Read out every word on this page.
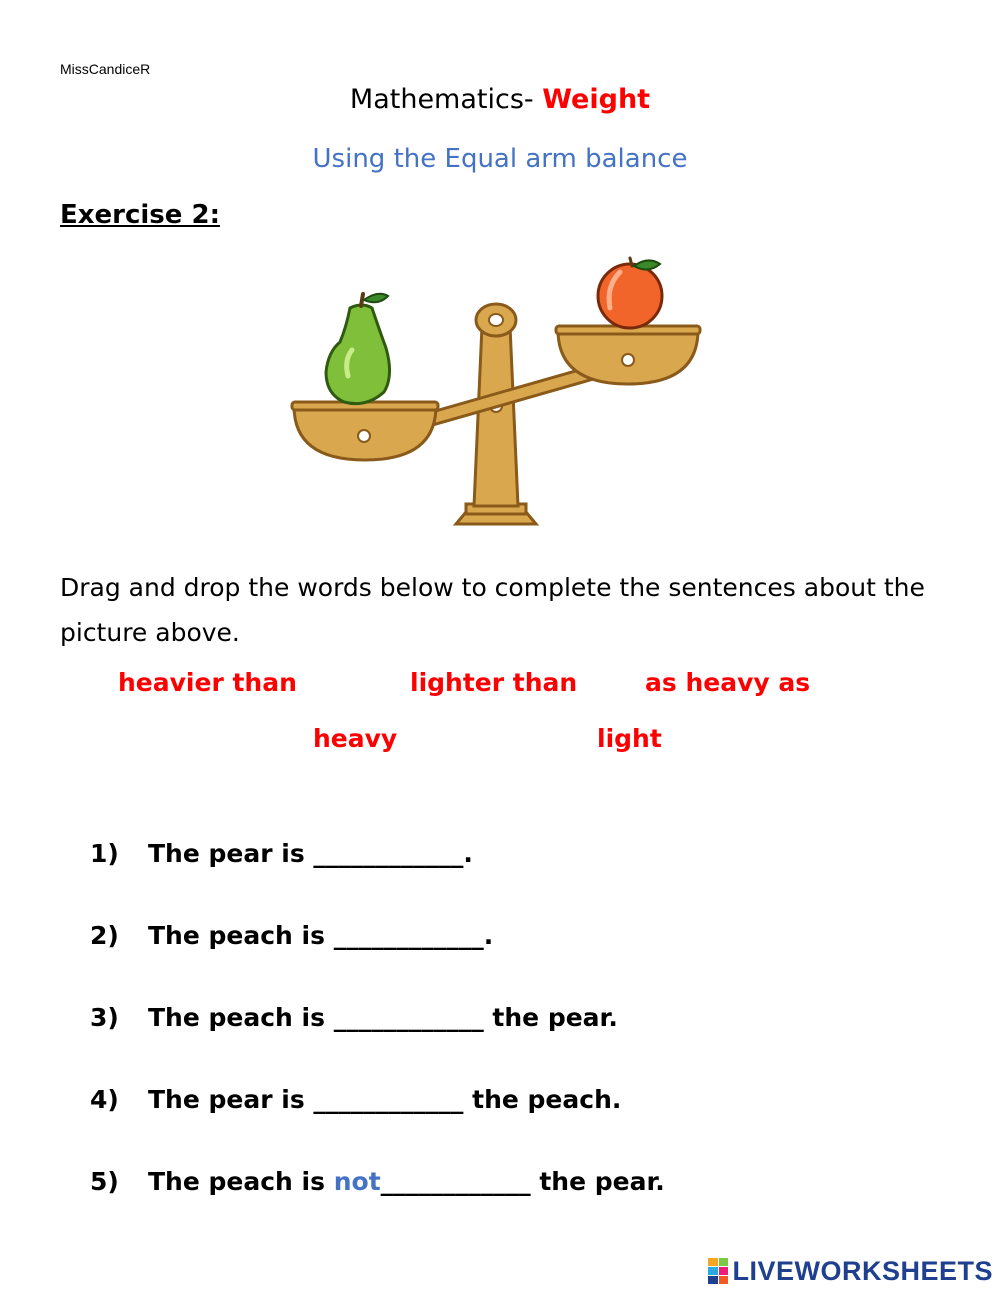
MissCandiceR
Mathematics- Weight
Using the Equal arm balance
Exercise 2:
Drag and drop the words below to complete the sentences about the picture above.
heavier than	lighter than	as heavy as
heavy	light
1) The pear is ____________.
2) The peach is ____________.
3) The peach is ____________ the pear.
4) The pear is ____________ the peach.
5) The peach is not____________ the pear.
LIVEWORKSHEETS
